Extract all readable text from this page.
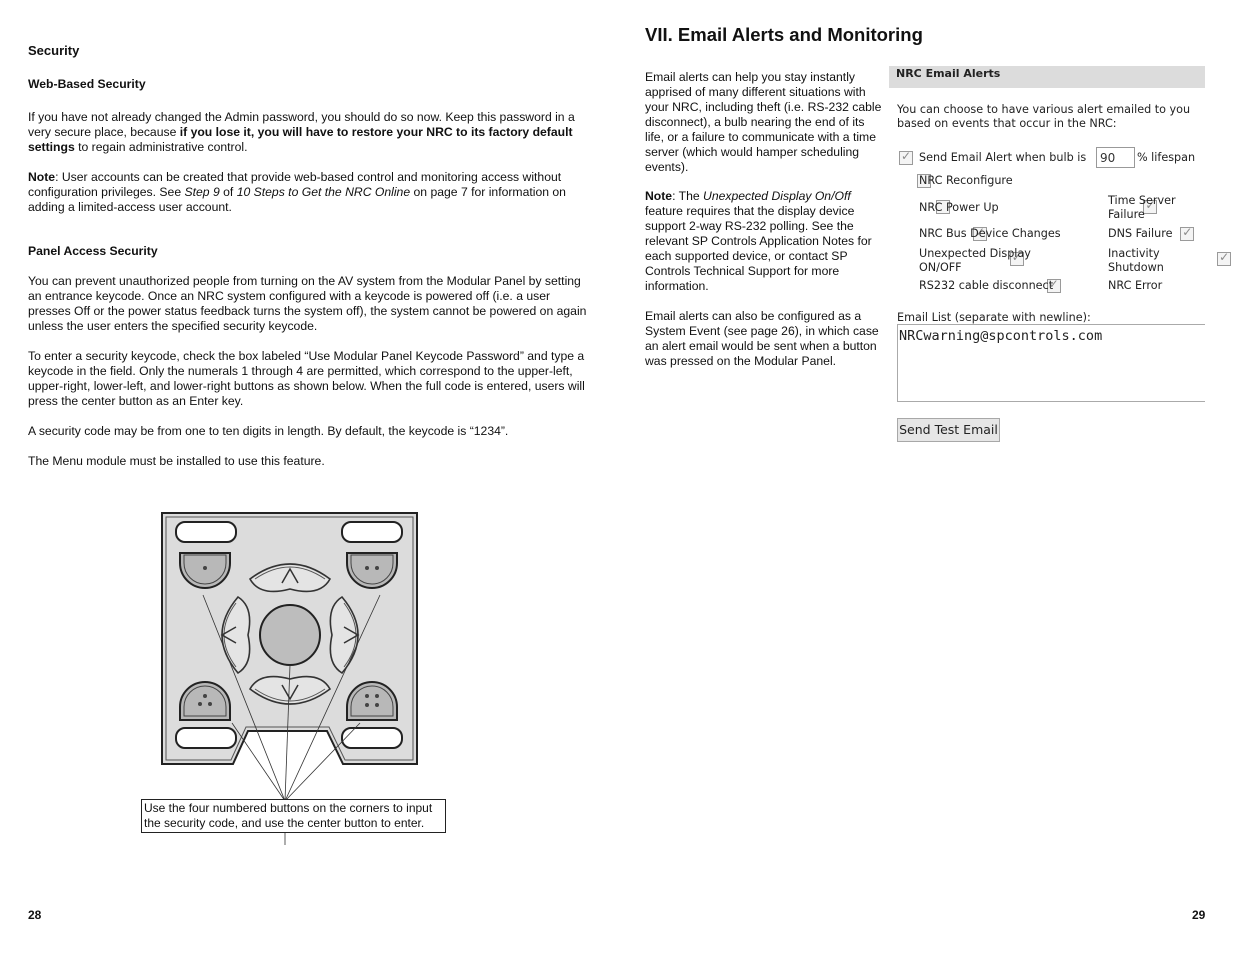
Security
Web-Based Security

If you have not already changed the Admin password, you should do so now. Keep this password in a very secure place, because if you lose it, you will have to restore your NRC to its factory default settings to regain administrative control.

Note: User accounts can be created that provide web-based control and monitoring access without configuration privileges. See Step 9 of 10 Steps to Get the NRC Online on page 7 for information on adding a limited-access user account.

Panel Access Security

You can prevent unauthorized people from turning on the AV system from the Modular Panel by setting an entrance keycode. Once an NRC system configured with a keycode is powered off (i.e. a user presses Off or the power status feedback turns the system off), the system cannot be powered on again unless the user enters the specified security keycode.

To enter a security keycode, check the box labeled “Use Modular Panel Keycode Password” and type a keycode in the field. Only the numerals 1 through 4 are permitted, which correspond to the upper-left, upper-right, lower-left, and lower-right buttons as shown below. When the full code is entered, users will press the center button as an Enter key.

A security code may be from one to ten digits in length. By default, the keycode is “1234”.

The Menu module must be installed to use this feature.

Use the four numbered buttons on the corners to input
the security code, and use the center button to enter.
28
VII. Email Alerts and Monitoring

Email alerts can help you stay instantly apprised of many different situations with your NRC, including theft (i.e. RS-232 cable disconnect), a bulb nearing the end of its life, or a failure to communicate with a time server (which would hamper scheduling events).

Note: The Unexpected Display On/Off feature requires that the display device support 2-way RS-232 polling. See the relevant SP Controls Application Notes for each supported device, or contact SP Controls Technical Support for more information.

Email alerts can also be configured as a System Event (see page 26), in which case an alert email would be sent when a button was pressed on the Modular Panel.

NRC Email Alerts
You can choose to have various alert emailed to you
based on events that occur in the NRC:
✓
Send Email Alert when bulb is
90	% lifespan

NRC Reconfigure

NRC Power Up
✓
Time Server
Failure
✓
NRC Bus Device Changes
✓	DNS Failure
✓
Unexpected Display
ON/OFF
✓
Inactivity
Shutdown
✓
RS232 cable disconnect	NRC Error
Email List (separate with newline):
NRCwarning@spcontrols.com
Send Test Email
29
